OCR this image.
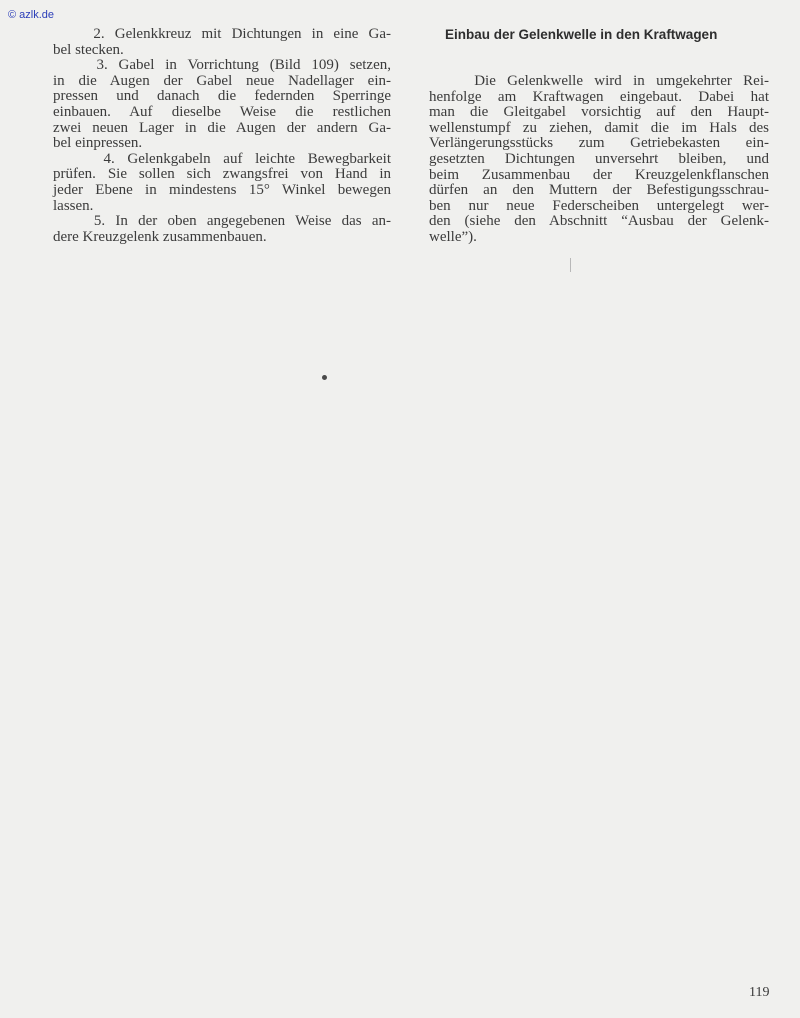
© azlk.de
2. Gelenkkreuz mit Dichtungen in eine Ga-
bel stecken.
3. Gabel in Vorrichtung (Bild 109) setzen,
in die Augen der Gabel neue Nadellager ein-
pressen und danach die federnden Sperringe
einbauen. Auf dieselbe Weise die restlichen
zwei neuen Lager in die Augen der andern Ga-
bel einpressen.
4. Gelenkgabeln auf leichte Bewegbarkeit
prüfen. Sie sollen sich zwangsfrei von Hand in
jeder Ebene in mindestens 15° Winkel bewegen
lassen.
5. In der oben angegebenen Weise das an-
dere Kreuzgelenk zusammenbauen.
Einbau der Gelenkwelle in den Kraftwagen
Die Gelenkwelle wird in umgekehrter Rei-
henfolge am Kraftwagen eingebaut. Dabei hat
man die Gleitgabel vorsichtig auf den Haupt-
wellenstumpf zu ziehen, damit die im Hals des
Verlängerungsstücks zum Getriebekasten ein-
gesetzten Dichtungen unversehrt bleiben, und
beim Zusammenbau der Kreuzgelenkflanschen
dürfen an den Muttern der Befestigungsschrau-
ben nur neue Federscheiben untergelegt wer-
den (siehe den Abschnitt “Ausbau der Gelenk-
welle”).
119
